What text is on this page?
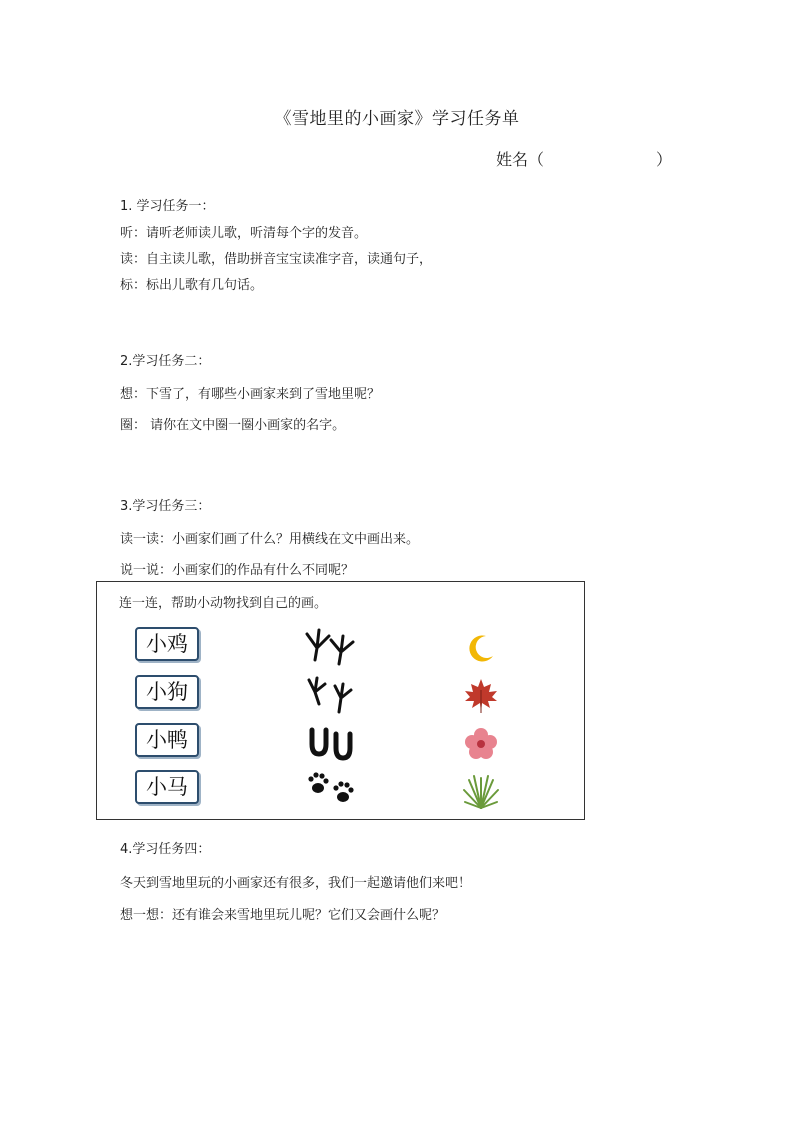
《雪地里的小画家》学习任务单
姓名（	）
1. 学习任务一：
听：请听老师读儿歌，听清每个字的发音。
读：自主读儿歌，借助拼音宝宝读准字音，读通句子，
标：标出儿歌有几句话。
2.学习任务二：
想：下雪了，有哪些小画家来到了雪地里呢？
圈： 请你在文中圈一圈小画家的名字。
3.学习任务三：
读一读：小画家们画了什么？用横线在文中画出来。
说一说：小画家们的作品有什么不同呢？
连一连，帮助小动物找到自己的画。
小鸡
小狗
小鸭
小马
4.学习任务四：
冬天到雪地里玩的小画家还有很多，我们一起邀请他们来吧！
想一想：还有谁会来雪地里玩儿呢？它们又会画什么呢？
